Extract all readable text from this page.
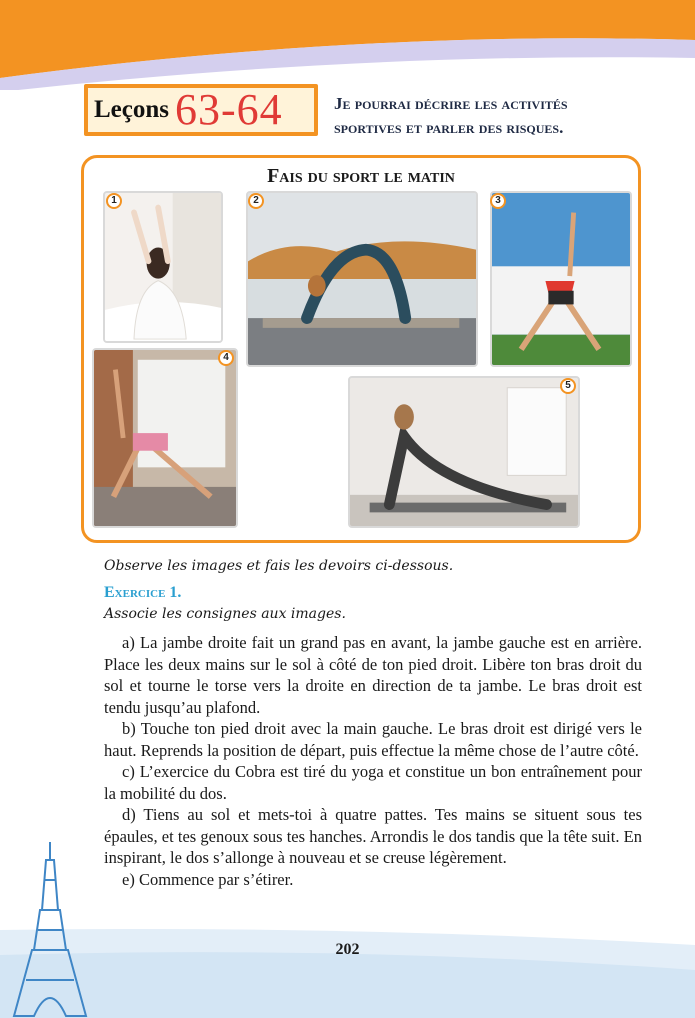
Leçons 63-64	Je pourrai décrire les activités sportives et parler des risques.
Fais du sport le matin
1	2	3
4
5
Observe les images et fais les devoirs ci-dessous.
Exercice 1.
Associe les consignes aux images.

a) La jambe droite fait un grand pas en avant, la jambe gauche est en arrière. Place les deux mains sur le sol à côté de ton pied droit. Libère ton bras droit du sol et tourne le torse vers la droite en direction de ta jambe. Le bras droit est tendu jusqu’au plafond.

b) Touche ton pied droit avec la main gauche. Le bras droit est dirigé vers le haut. Reprends la position de départ, puis effectue la même chose de l’autre côté.

c) L’exercice du Cobra est tiré du yoga et constitue un bon entraînement pour la mobilité du dos.

d) Tiens au sol et mets-toi à quatre pattes. Tes mains se situent sous tes épaules, et tes genoux sous tes hanches. Arrondis le dos tandis que la tête suit. En inspirant, le dos s’allonge à nouveau et se creuse légèrement.

e) Commence par s’étirer.

202
